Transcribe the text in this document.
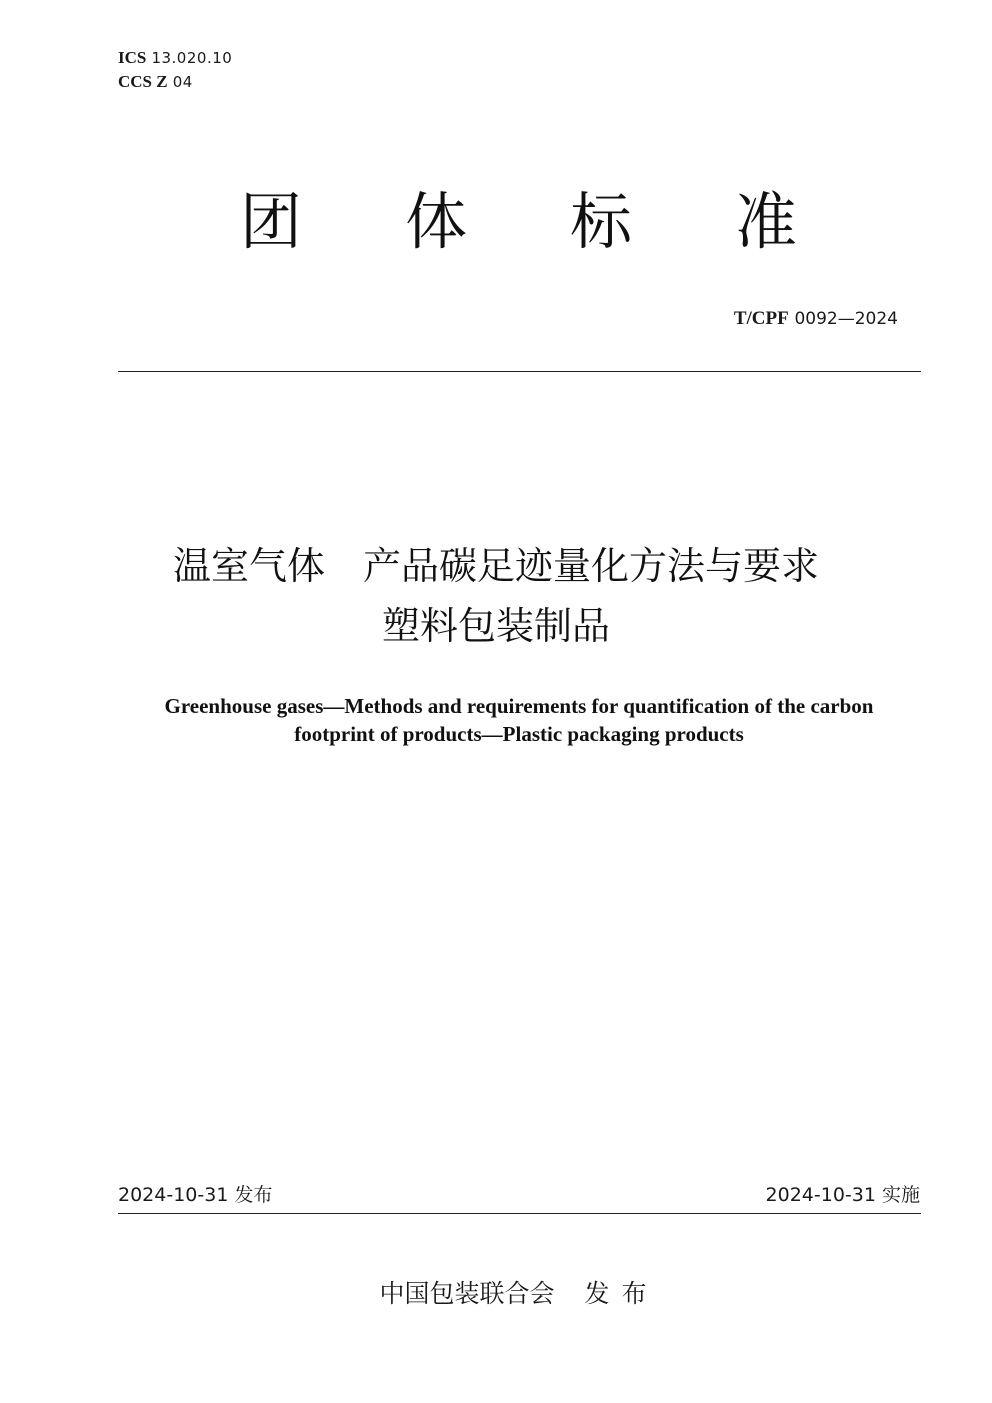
ICS 13.020.10
CCS Z 04
团 体 标 准
T/CPF 0092—2024
温室气体　产品碳足迹量化方法与要求
塑料包装制品
Greenhouse gases—Methods and requirements for quantification of the carbon
footprint of products—Plastic packaging products
2024-10-31 发布	2024-10-31 实施
中国包装联合会 发布
